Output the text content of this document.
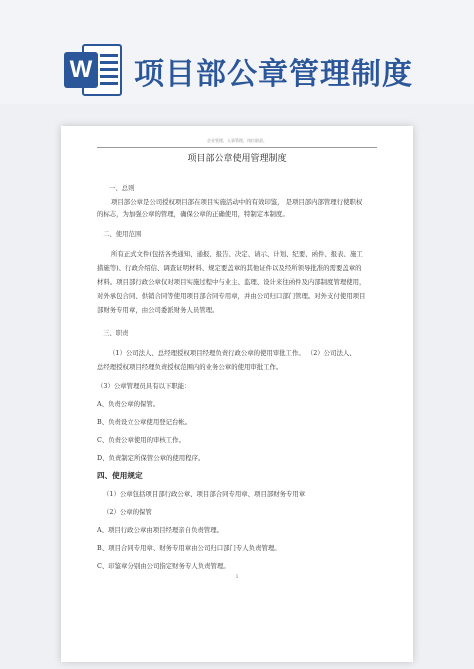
W 项目部公章管理制度
企业管理，人事管理，岗位职责。
项目部公章使用管理制度
一、总则
项目部公章是公司授权项目部在项目实施活动中的有效印鉴， 是项目部内部管理行使职权
的标志，为加强公章的管理，确保公章的正确使用，特制定本制度。
二、使用范围
所有正式文件(包括各类通知、通报、报告、决定、请示、计划、纪要、函件、报表、施工
措施等)、行政介绍信、调查证明材料、规定要盖章的其他证件以及经所领导批准的需要盖章的
材料。项目部行政公章仅对项目实施过程中与业主、监理、设计来往函件及内部制度管理使用，
对外承包合同、供销合同等使用项目部合同专用章，并由公司归口部门管理。对外支付使用项目
部财务专用章，由公司委派财务人员管理。
三、职责
（1）公司法人、总经理授权项目经理负责行政公章的使用审批工作。 （2）公司法人、
总经理授权项目经理负责授权范围内的业务公章的使用审批工作。
（3）公章管理员具有以下职能：
A、负责公章的保管。
B、负责设立公章使用登记台帐。
C、负责公章使用的审核工作。
D、负责制定所保管公章的使用程序。
四、使用规定
（1）公章包括项目部行政公章、项目部合同专用章、项目部财务专用章
（2）公章的保管
A、项目行政公章由项目经理亲自负责管理。
B、项目合同专用章、财务专用章由公司归口部门专人负责管理。
C、印鉴章分别由公司指定财务专人负责管理。
1
